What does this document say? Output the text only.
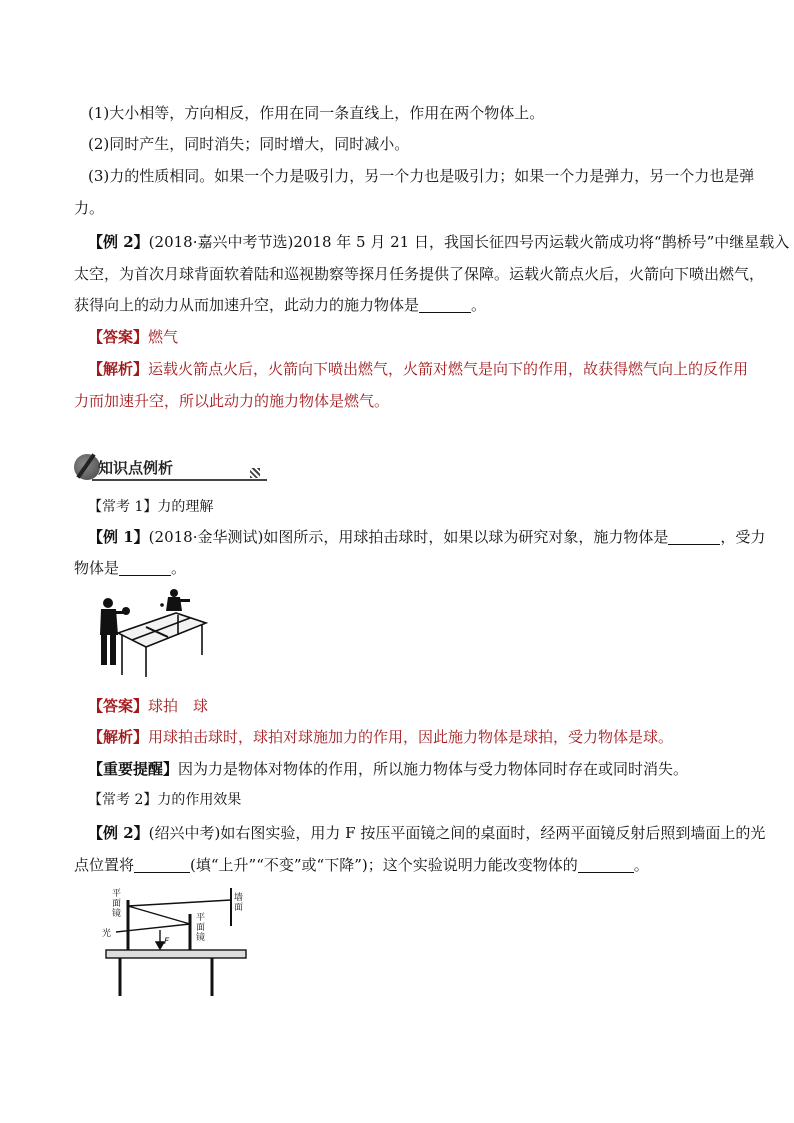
(1)大小相等，方向相反，作用在同一条直线上，作用在两个物体上。
(2)同时产生，同时消失；同时增大，同时减小。
(3)力的性质相同。如果一个力是吸引力，另一个力也是吸引力；如果一个力是弹力，另一个力也是弹
力。
【例 2】(2018·嘉兴中考节选)2018 年 5 月 21 日，我国长征四号丙运载火箭成功将“鹊桥号”中继星载入
太空，为首次月球背面软着陆和巡视勘察等探月任务提供了保障。运载火箭点火后，火箭向下喷出燃气，
获得向上的动力从而加速升空，此动力的施力物体是	。
【答案】燃气
【解析】运载火箭点火后，火箭向下喷出燃气，火箭对燃气是向下的作用，故获得燃气向上的反作用
力而加速升空，所以此动力的施力物体是燃气。
知识点例析
【常考 1】力的理解
【例 1】(2018·金华测试)如图所示，用球拍击球时，如果以球为研究对象，施力物体是	，受力
物体是	。
【答案】球拍　球
【解析】用球拍击球时，球拍对球施加力的作用，因此施力物体是球拍，受力物体是球。
【重要提醒】因为力是物体对物体的作用，所以施力物体与受力物体同时存在或同时消失。
【常考 2】力的作用效果
【例 2】(绍兴中考)如右图实验，用力 F 按压平面镜之间的桌面时，经两平面镜反射后照到墙面上的光
点位置将	(填“上升”“不变”或“下降”)；这个实验说明力能改变物体的	。
平
面
镜	平
面
镜
墙
面
光
F
